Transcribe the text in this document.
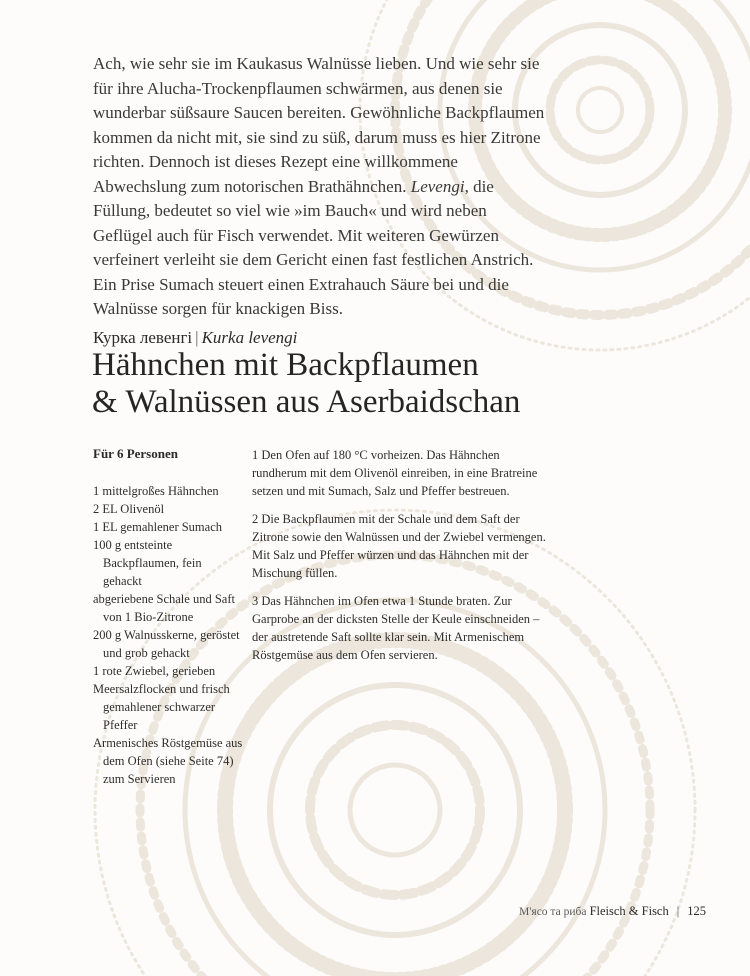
Ach, wie sehr sie im Kaukasus Walnüsse lieben. Und wie sehr sie für ihre Alucha-Trockenpflaumen schwärmen, aus denen sie wunderbar süßsaure Saucen bereiten. Gewöhnliche Backpflaumen kommen da nicht mit, sie sind zu süß, darum muss es hier Zitrone richten. Dennoch ist dieses Rezept eine willkommene Abwechslung zum notorischen Brathähnchen. Levengi, die Füllung, bedeutet so viel wie »im Bauch« und wird neben Geflügel auch für Fisch verwendet. Mit weiteren Gewürzen verfeinert verleiht sie dem Gericht einen fast festlichen Anstrich. Ein Prise Sumach steuert einen Extrahauch Säure bei und die Walnüsse sorgen für knackigen Biss.

Курка левенгі | Kurka levengi
Hähnchen mit Backpflaumen
& Walnüssen aus Aserbaidschan
Für 6 Personen
1 mittelgroßes Hähnchen
2 EL Olivenöl
1 EL gemahlener Sumach
100 g entsteinte Backpflaumen, fein gehackt
abgeriebene Schale und Saft von 1 Bio-Zitrone
200 g Walnusskerne, geröstet und grob gehackt
1 rote Zwiebel, gerieben
Meersalzflocken und frisch gemahlener schwarzer Pfeffer
Armenisches Röstgemüse aus dem Ofen (siehe Seite 74) zum Servieren

1 Den Ofen auf 180 °C vorheizen. Das Hähnchen rundherum mit dem Olivenöl einreiben, in eine Bratreine setzen und mit Sumach, Salz und Pfeffer bestreuen.

2 Die Backpflaumen mit der Schale und dem Saft der Zitrone sowie den Walnüssen und der Zwiebel vermengen. Mit Salz und Pfeffer würzen und das Hähnchen mit der Mischung füllen.

3 Das Hähnchen im Ofen etwa 1 Stunde braten. Zur Garprobe an der dicksten Stelle der Keule einschneiden – der austretende Saft sollte klar sein. Mit Armenischem Röstgemüse aus dem Ofen servieren.

М'ясо та риба Fleisch & Fisch | 125
